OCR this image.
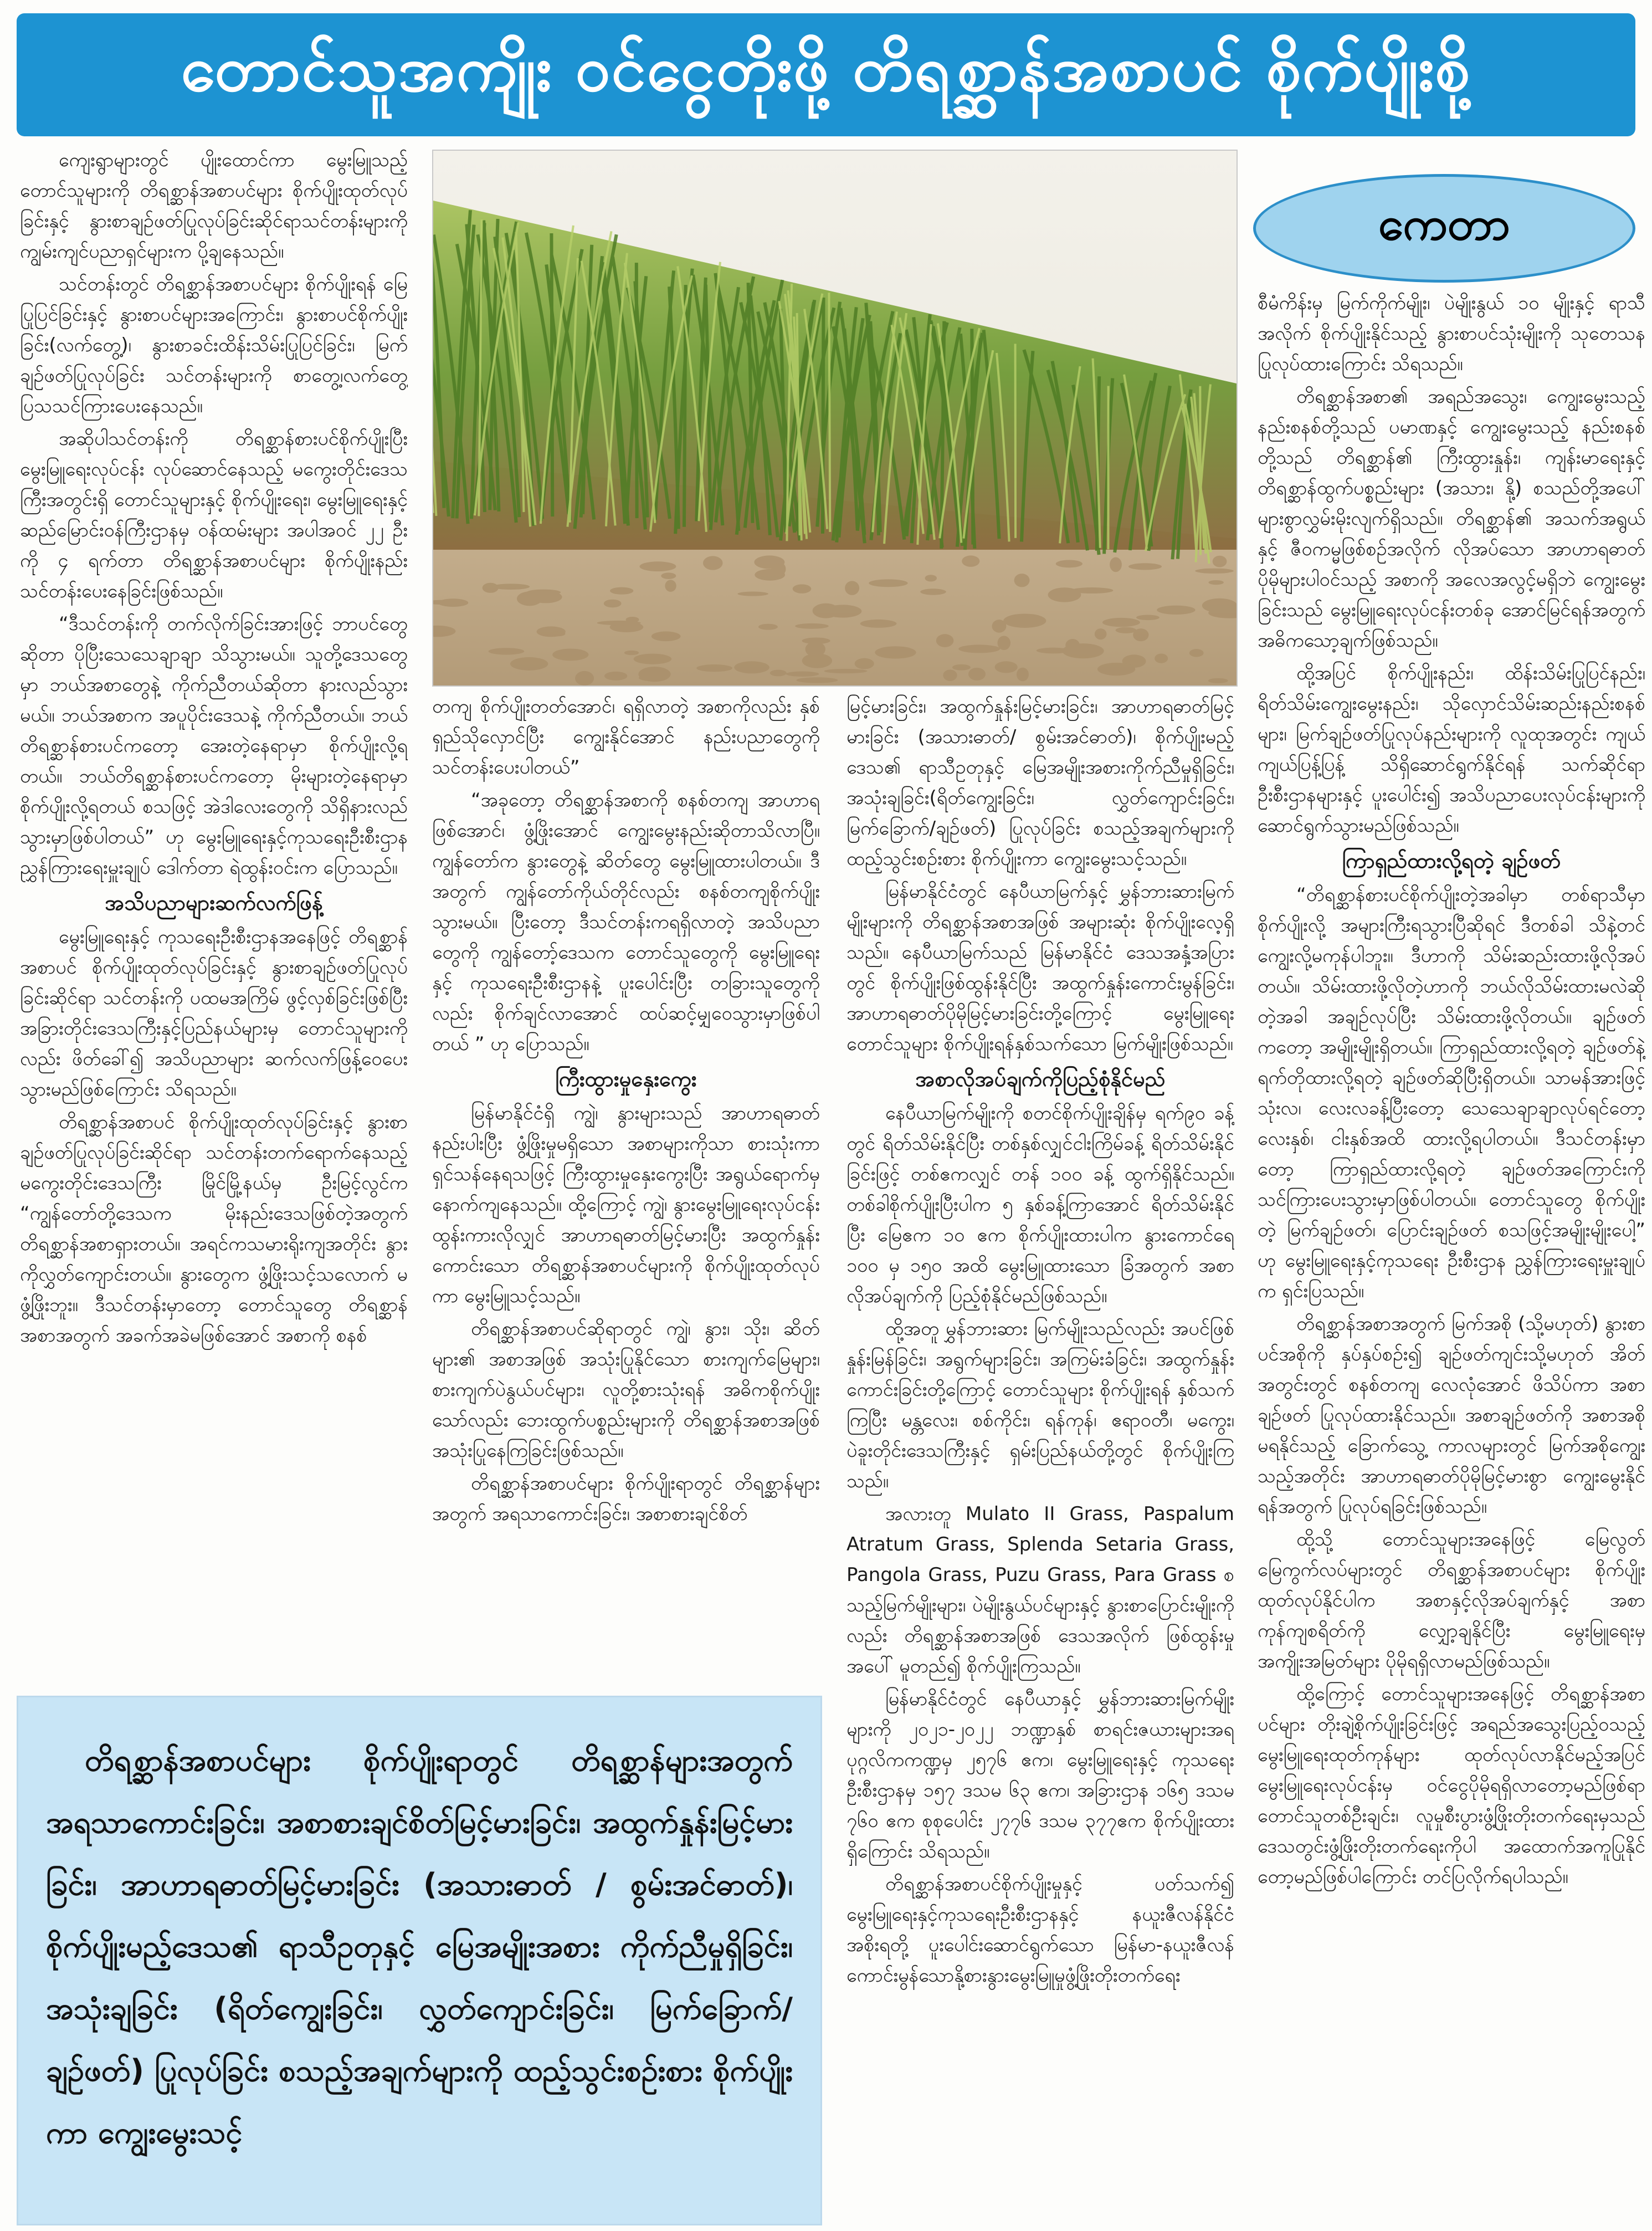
တောင်သူအကျိုး ဝင်ငွေတိုးဖို့ တိရစ္ဆာန်အစာပင် စိုက်ပျိုးစို့
ကေတာ

ကျေးရွာများတွင် ပျိုးထောင်ကာ မွေးမြူသည့် တောင်သူများကို တိရစ္ဆာန်အစာပင်များ စိုက်ပျိုးထုတ်လုပ်ခြင်းနှင့် နွားစာချဉ်ဖတ်ပြုလုပ်ခြင်းဆိုင်ရာသင်တန်းများကို ကျွမ်းကျင်ပညာရှင်များက ပို့ချနေသည်။

သင်တန်းတွင် တိရစ္ဆာန်အစာပင်များ စိုက်ပျိုးရန် မြေပြုပြင်ခြင်းနှင့် နွားစာပင်များအကြောင်း၊ နွားစာပင်စိုက်ပျိုးခြင်း(လက်တွေ့)၊ နွားစာခင်းထိန်းသိမ်းပြုပြင်ခြင်း၊ မြက်ချဉ်ဖတ်ပြုလုပ်ခြင်း သင်တန်းများကို စာတွေ့၊လက်တွေ့ ပြသသင်ကြားပေးနေသည်။

အဆိုပါသင်တန်းကို တိရစ္ဆာန်စားပင်စိုက်ပျိုးပြီး မွေးမြူရေးလုပ်ငန်း လုပ်ဆောင်နေသည့် မကွေးတိုင်းဒေသကြီးအတွင်းရှိ တောင်သူများနှင့် စိုက်ပျိုးရေး၊ မွေးမြူရေးနှင့် ဆည်မြောင်းဝန်ကြီးဌာနမှ ဝန်ထမ်းများ အပါအဝင် ၂၂ ဦးကို ၄ ရက်တာ တိရစ္ဆာန်အစာပင်များ စိုက်ပျိုးနည်း သင်တန်းပေးနေခြင်းဖြစ်သည်။

“ဒီသင်တန်းကို တက်လိုက်ခြင်းအားဖြင့် ဘာပင်တွေဆိုတာ ပိုပြီးသေသေချာချာ သိသွားမယ်။ သူတို့ဒေသတွေမှာ ဘယ်အစာတွေနဲ့ ကိုက်ညီတယ်ဆိုတာ နားလည်သွားမယ်။ ဘယ်အစာက အပူပိုင်းဒေသနဲ့ ကိုက်ညီတယ်။ ဘယ်တိရစ္ဆာန်စားပင်ကတော့ အေးတဲ့နေရာမှာ စိုက်ပျိုးလို့ရတယ်။ ဘယ်တိရစ္ဆာန်စားပင်ကတော့ မိုးများတဲ့နေရာမှာ စိုက်ပျိုးလို့ရတယ် စသဖြင့် အဲဒါလေးတွေကို သိရှိနားလည်သွားမှာဖြစ်ပါတယ်” ဟု မွေးမြူရေးနှင့်ကုသရေးဦးစီးဌာန ညွှန်ကြားရေးမှူးချုပ် ဒေါက်တာ ရဲထွန်းဝင်းက ပြောသည်။

အသိပညာများဆက်လက်ဖြန့်

မွေးမြူရေးနှင့် ကုသရေးဦးစီးဌာနအနေဖြင့် တိရစ္ဆာန်အစာပင် စိုက်ပျိုးထုတ်လုပ်ခြင်းနှင့် နွားစာချဉ်ဖတ်ပြုလုပ်ခြင်းဆိုင်ရာ သင်တန်းကို ပထမအကြိမ် ဖွင့်လှစ်ခြင်းဖြစ်ပြီး အခြားတိုင်းဒေသကြီးနှင့်ပြည်နယ်များမှ တောင်သူများကိုလည်း ဖိတ်ခေါ်၍ အသိပညာများ ဆက်လက်ဖြန့်ဝေပေးသွားမည်ဖြစ်ကြောင်း သိရသည်။

တိရစ္ဆာန်အစာပင် စိုက်ပျိုးထုတ်လုပ်ခြင်းနှင့် နွားစာချဉ်ဖတ်ပြုလုပ်ခြင်းဆိုင်ရာ သင်တန်းတက်ရောက်နေသည့် မကွေးတိုင်းဒေသကြီး မြိုင်မြို့နယ်မှ ဦးမြင့်လွင်က “ကျွန်တော်တို့ဒေသက မိုးနည်းဒေသဖြစ်တဲ့အတွက် တိရစ္ဆာန်အစာရှားတယ်။ အရင်ကသမားရိုးကျအတိုင်း နွားကိုလွှတ်ကျောင်းတယ်။ နွားတွေက ဖွံ့ဖြိုးသင့်သလောက် မဖွံ့ဖြိုးဘူး။ ဒီသင်တန်းမှာတော့ တောင်သူတွေ တိရစ္ဆာန်အစာအတွက် အခက်အခဲမဖြစ်အောင် အစာကို စနစ်

တကျ စိုက်ပျိုးတတ်အောင်၊ ရရှိလာတဲ့ အစာကိုလည်း နှစ်ရှည်သိုလှောင်ပြီး ကျွေးနိုင်အောင် နည်းပညာတွေကို သင်တန်းပေးပါတယ်”

“အခုတော့ တိရစ္ဆာန်အစာကို စနစ်တကျ အာဟာရဖြစ်အောင်၊ ဖွံ့ဖြိုးအောင် ကျွေးမွေးနည်းဆိုတာသိလာပြီ။ ကျွန်တော်က နွားတွေနဲ့ ဆိတ်တွေ မွေးမြူထားပါတယ်။ ဒီအတွက် ကျွန်တော်ကိုယ်တိုင်လည်း စနစ်တကျစိုက်ပျိုးသွားမယ်။ ပြီးတော့ ဒီသင်တန်းကရရှိလာတဲ့ အသိပညာတွေကို ကျွန်တော့်ဒေသက တောင်သူတွေကို မွေးမြူရေးနှင့် ကုသရေးဦးစီးဌာနနဲ့ ပူးပေါင်းပြီး တခြားသူတွေကိုလည်း စိုက်ချင်လာအောင် ထပ်ဆင့်မျှဝေသွားမှာဖြစ်ပါတယ် ” ဟု ပြောသည်။

ကြီးထွားမှုနှေးကွေး

မြန်မာနိုင်ငံရှိ ကျွဲ၊ နွားများသည် အာဟာရဓာတ်နည်းပါးပြီး ဖွံ့ဖြိုးမှုမရှိသော အစာများကိုသာ စားသုံးကာ ရှင်သန်နေရသဖြင့် ကြီးထွားမှုနှေးကွေးပြီး အရွယ်ရောက်မှ နောက်ကျနေသည်။ ထို့ကြောင့် ကျွဲ၊ နွားမွေးမြူရေးလုပ်ငန်း ထွန်းကားလိုလျှင် အာဟာရဓာတ်မြင့်မားပြီး အထွက်နှုန်းကောင်းသော တိရစ္ဆာန်အစာပင်များကို စိုက်ပျိုးထုတ်လုပ်ကာ မွေးမြူသင့်သည်။

တိရစ္ဆာန်အစာပင်ဆိုရာတွင် ကျွဲ၊ နွား၊ သိုး၊ ဆိတ်များ၏ အစာအဖြစ် အသုံးပြုနိုင်သော စားကျက်မြေများ၊ စားကျက်ပဲနွယ်ပင်များ၊ လူတို့စားသုံးရန် အဓိကစိုက်ပျိုးသော်လည်း ဘေးထွက်ပစ္စည်းများကို တိရစ္ဆာန်အစာအဖြစ် အသုံးပြုနေကြခြင်းဖြစ်သည်။

တိရစ္ဆာန်အစာပင်များ စိုက်ပျိုးရာတွင် တိရစ္ဆာန်များအတွက် အရသာကောင်းခြင်း၊ အစာစားချင်စိတ်

မြင့်မားခြင်း၊ အထွက်နှုန်းမြင့်မားခြင်း၊ အာဟာရဓာတ်မြင့်မားခြင်း (အသားဓာတ်/ စွမ်းအင်ဓာတ်)၊ စိုက်ပျိုးမည့်ဒေသ၏ ရာသီဥတုနှင့် မြေအမျိုးအစားကိုက်ညီမှုရှိခြင်း၊ အသုံးချခြင်း(ရိတ်ကျွေးခြင်း၊ လွှတ်ကျောင်းခြင်း၊ မြက်ခြောက်/ချဉ်ဖတ်) ပြုလုပ်ခြင်း စသည့်အချက်များကို ထည့်သွင်းစဉ်းစား စိုက်ပျိုးကာ ကျွေးမွေးသင့်သည်။

မြန်မာနိုင်ငံတွင် နေပီယာမြက်နှင့် မွှန်ဘားဆားမြက်မျိုးများကို တိရစ္ဆာန်အစာအဖြစ် အများဆုံး စိုက်ပျိုးလေ့ရှိသည်။ နေပီယာမြက်သည် မြန်မာနိုင်ငံ ဒေသအနှံ့အပြားတွင် စိုက်ပျိုးဖြစ်ထွန်းနိုင်ပြီး အထွက်နှုန်းကောင်းမွန်ခြင်း၊ အာဟာရဓာတ်ပိုမိုမြင့်မားခြင်းတို့ကြောင့် မွေးမြူရေးတောင်သူများ စိုက်ပျိုးရန်နှစ်သက်သော မြက်မျိုးဖြစ်သည်။

အစာလိုအပ်ချက်ကိုပြည့်စုံနိုင်မည်

နေပီယာမြက်မျိုးကို စတင်စိုက်ပျိုးချိန်မှ ရက်၉၀ ခန့်တွင် ရိတ်သိမ်းနိုင်ပြီး တစ်နှစ်လျှင်ငါးကြိမ်ခန့် ရိတ်သိမ်းနိုင်ခြင်းဖြင့် တစ်ဧကလျှင် တန် ၁၀၀ ခန့် ထွက်ရှိနိုင်သည်။ တစ်ခါစိုက်ပျိုးပြီးပါက ၅ နှစ်ခန့်ကြာအောင် ရိတ်သိမ်းနိုင်ပြီး မြေဧက ၁၀ ဧက စိုက်ပျိုးထားပါက နွားကောင်ရေ ၁၀၀ မှ ၁၅၀ အထိ မွေးမြူထားသော ခြံအတွက် အစာလိုအပ်ချက်ကို ပြည့်စုံနိုင်မည်ဖြစ်သည်။

ထို့အတူ မွှန်ဘားဆား မြက်မျိုးသည်လည်း အပင်ဖြစ်နှုန်းမြန်ခြင်း၊ အရွက်များခြင်း၊ အကြမ်းခံခြင်း၊ အထွက်နှုန်းကောင်းခြင်းတို့ကြောင့် တောင်သူများ စိုက်ပျိုးရန် နှစ်သက်ကြပြီး မန္တလေး၊ စစ်ကိုင်း၊ ရန်ကုန်၊ ဧရာဝတီ၊ မကွေး၊ ပဲခူးတိုင်းဒေသကြီးနှင့် ရှမ်းပြည်နယ်တို့တွင် စိုက်ပျိုးကြသည်။

အလားတူ Mulato II Grass, Paspalum Atratum Grass, Splenda Setaria Grass, Pangola Grass, Puzu Grass, Para Grass စသည့်မြက်မျိုးများ၊ ပဲမျိုးနွယ်ပင်များနှင့် နွားစာပြောင်းမျိုးကိုလည်း တိရစ္ဆာန်အစာအဖြစ် ဒေသအလိုက် ဖြစ်ထွန်းမှုအပေါ် မူတည်၍ စိုက်ပျိုးကြသည်။

မြန်မာနိုင်ငံတွင် နေပီယာနှင့် မွှန်ဘားဆားမြက်မျိုးများကို ၂၀၂၁-၂၀၂၂ ဘဏ္ဍာနှစ် စာရင်းဇယားများအရ ပုဂ္ဂလိကကဏ္ဍမှ ၂၅၇၆ ဧက၊ မွေးမြူရေးနှင့် ကုသရေးဦးစီးဌာနမှ ၁၅၇ ဒသမ ၆၃ ဧက၊ အခြားဌာန ၁၆၅ ဒသမ ၇၆၀ ဧက စုစုပေါင်း ၂၇၇၆ ဒသမ ၃၇၇ဧက စိုက်ပျိုးထားရှိကြောင်း သိရသည်။

တိရစ္ဆာန်အစာပင်စိုက်ပျိုးမှုနှင့် ပတ်သက်၍ မွေးမြူရေးနှင့်ကုသရေးဦးစီးဌာနနှင့် နယူးဇီလန်နိုင်ငံ အစိုးရတို့ ပူးပေါင်းဆောင်ရွက်သော မြန်မာ-နယူးဇီလန် ကောင်းမွန်သောနို့စားနွားမွေးမြူမှုဖွံ့ဖြိုးတိုးတက်ရေး

စီမံကိန်းမှ မြက်ကိုက်မျိုး၊ ပဲမျိုးနွယ် ၁၀ မျိုးနှင့် ရာသီအလိုက် စိုက်ပျိုးနိုင်သည့် နွားစာပင်သုံးမျိုးကို သုတေသနပြုလုပ်ထားကြောင်း သိရသည်။

တိရစ္ဆာန်အစာ၏ အရည်အသွေး၊ ကျွေးမွေးသည့်နည်းစနစ်တို့သည် ပမာဏနှင့် ကျွေးမွေးသည့် နည်းစနစ်တို့သည် တိရစ္ဆာန်၏ ကြီးထွားနှုန်း၊ ကျန်းမာရေးနှင့် တိရစ္ဆာန်ထွက်ပစ္စည်းများ (အသား၊ နို့) စသည်တို့အပေါ် များစွာလွှမ်းမိုးလျက်ရှိသည်။ တိရစ္ဆာန်၏ အသက်အရွယ်နှင့် ဇီဝကမ္မဖြစ်စဉ်အလိုက် လိုအပ်သော အာဟာရဓာတ်ပိုမိုများပါဝင်သည့် အစာကို အလေအလွင့်မရှိဘဲ ကျွေးမွေးခြင်းသည် မွေးမြူရေးလုပ်ငန်းတစ်ခု အောင်မြင်ရန်အတွက် အဓိကသော့ချက်ဖြစ်သည်။

ထို့အပြင် စိုက်ပျိုးနည်း၊ ထိန်းသိမ်းပြုပြင်နည်း၊ ရိတ်သိမ်းကျွေးမွေးနည်း၊ သိုလှောင်သိမ်းဆည်းနည်းစနစ်များ၊ မြက်ချဉ်ဖတ်ပြုလုပ်နည်းများကို လူထုအတွင်း ကျယ်ကျယ်ပြန့်ပြန့် သိရှိဆောင်ရွက်နိုင်ရန် သက်ဆိုင်ရာ ဦးစီးဌာနများနှင့် ပူးပေါင်း၍ အသိပညာပေးလုပ်ငန်းများကို ဆောင်ရွက်သွားမည်ဖြစ်သည်။

ကြာရှည်ထားလို့ရတဲ့ ချဉ်ဖတ်

“တိရစ္ဆာန်စားပင်စိုက်ပျိုးတဲ့အခါမှာ တစ်ရာသီမှာ စိုက်ပျိုးလို့ အများကြီးရသွားပြီဆိုရင် ဒီတစ်ခါ သိနဲ့တင် ကျွေးလို့မကုန်ပါဘူး။ ဒီဟာကို သိမ်းဆည်းထားဖို့လိုအပ်တယ်။ သိမ်းထားဖို့လိုတဲ့ဟာကို ဘယ်လိုသိမ်းထားမလဲဆိုတဲ့အခါ အချဉ်လုပ်ပြီး သိမ်းထားဖို့လိုတယ်။ ချဉ်ဖတ်ကတော့ အမျိုးမျိုးရှိတယ်။ ကြာရှည်ထားလို့ရတဲ့ ချဉ်ဖတ်နဲ့ ရက်တိုထားလို့ရတဲ့ ချဉ်ဖတ်ဆိုပြီးရှိတယ်။ သာမန်အားဖြင့် သုံးလ၊ လေးလခန့်ပြီးတော့ သေသေချာချာလုပ်ရင်တော့ လေးနှစ်၊ ငါးနှစ်အထိ ထားလို့ရပါတယ်။ ဒီသင်တန်းမှာတော့ ကြာရှည်ထားလို့ရတဲ့ ချဉ်ဖတ်အကြောင်းကို သင်ကြားပေးသွားမှာဖြစ်ပါတယ်။ တောင်သူတွေ စိုက်ပျိုးတဲ့ မြက်ချဉ်ဖတ်၊ ပြောင်းချဉ်ဖတ် စသဖြင့်အမျိုးမျိုးပေါ့” ဟု မွေးမြူရေးနှင့်ကုသရေး ဦးစီးဌာန ညွှန်ကြားရေးမှူးချုပ်က ရှင်းပြသည်။

တိရစ္ဆာန်အစာအတွက် မြက်အစို (သို့မဟုတ်) နွားစာပင်အစိုကို နှပ်နှပ်စဉ်း၍ ချဉ်ဖတ်ကျင်းသို့မဟုတ် အိတ်အတွင်းတွင် စနစ်တကျ လေလုံအောင် ဖိသိပ်ကာ အစာချဉ်ဖတ် ပြုလုပ်ထားနိုင်သည်။ အစာချဉ်ဖတ်ကို အစာအစိုမရနိုင်သည့် ခြောက်သွေ့ ကာလများတွင် မြက်အစိုကျွေးသည့်အတိုင်း အာဟာရဓာတ်ပိုမိုမြင့်မားစွာ ကျွေးမွေးနိုင်ရန်အတွက် ပြုလုပ်ရခြင်းဖြစ်သည်။

ထို့သို့ တောင်သူများအနေဖြင့် မြေလွတ်မြေကွက်လပ်များတွင် တိရစ္ဆာန်အစာပင်များ စိုက်ပျိုးထုတ်လုပ်နိုင်ပါက အစာနှင့်လိုအပ်ချက်နှင့် အစာကုန်ကျစရိတ်ကို လျှော့ချနိုင်ပြီး မွေးမြူရေးမှအကျိုးအမြတ်များ ပိုမိုရရှိလာမည်ဖြစ်သည်။

ထို့ကြောင့် တောင်သူများအနေဖြင့် တိရစ္ဆာန်အစာပင်များ တိုးချဲ့စိုက်ပျိုးခြင်းဖြင့် အရည်အသွေးပြည့်ဝသည့် မွေးမြူရေးထုတ်ကုန်များ ထုတ်လုပ်လာနိုင်မည့်အပြင် မွေးမြူရေးလုပ်ငန်းမှ ဝင်ငွေပိုမိုရရှိလာတော့မည်ဖြစ်ရာ တောင်သူတစ်ဦးချင်း၊ လူမှုစီးပွားဖွံ့ဖြိုးတိုးတက်ရေးမှသည် ဒေသတွင်းဖွံ့ဖြိုးတိုးတက်ရေးကိုပါ အထောက်အကူပြုနိုင်တော့မည်ဖြစ်ပါကြောင်း တင်ပြလိုက်ရပါသည်။

တိရစ္ဆာန်အစာပင်များ စိုက်ပျိုးရာတွင် တိရစ္ဆာန်များအတွက် အရသာကောင်းခြင်း၊ အစာစားချင်စိတ်မြင့်မားခြင်း၊ အထွက်နှုန်းမြင့်မားခြင်း၊ အာဟာရဓာတ်မြင့်မားခြင်း (အသားဓာတ် / စွမ်းအင်ဓာတ်)၊ စိုက်ပျိုးမည့်ဒေသ၏ ရာသီဥတုနှင့် မြေအမျိုးအစား ကိုက်ညီမှုရှိခြင်း၊ အသုံးချခြင်း (ရိတ်ကျွေးခြင်း၊ လွှတ်ကျောင်းခြင်း၊ မြက်ခြောက်/ ချဉ်ဖတ်) ပြုလုပ်ခြင်း စသည့်အချက်များကို ထည့်သွင်းစဉ်းစား စိုက်ပျိုးကာ ကျွေးမွေးသင့်
